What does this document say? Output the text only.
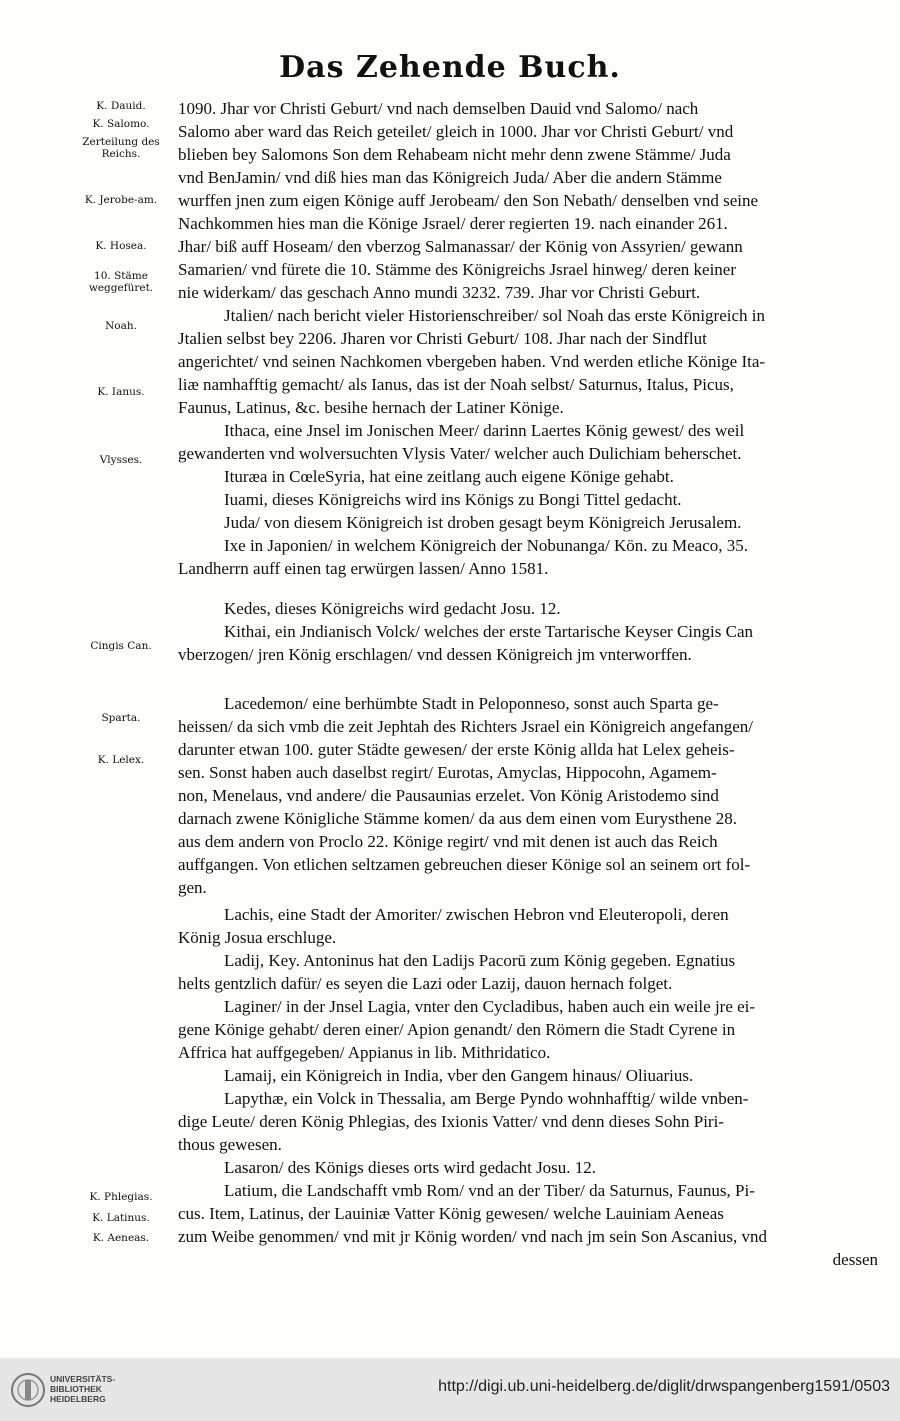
Das Zehende Buch.
K. Dauid.
K. Salomo.
Zerteilung des Reichs.
K. Jerobe-am.
K. Hosea.
10. Stäme weggefüret.
Noah.
K. Ianus.
Vlysses.
Cingis Can.
Sparta.
K. Lelex.
K. Phlegias.
K. Latinus.
K. Aeneas.
1090. Jhar vor Christi Geburt/ vnd nach demselben Dauid vnd Salomo/ nach
Salomo aber ward das Reich geteilet/ gleich in 1000. Jhar vor Christi Geburt/ vnd
blieben bey Salomons Son dem Rehabeam nicht mehr denn zwene Stämme/ Juda
vnd BenJamin/ vnd diß hies man das Königreich Juda/ Aber die andern Stämme
wurffen jnen zum eigen Könige auff Jerobeam/ den Son Nebath/ denselben vnd seine
Nachkommen hies man die Könige Jsrael/ derer regierten 19. nach einander 261.
Jhar/ biß auff Hoseam/ den vberzog Salmanassar/ der König von Assyrien/ gewann
Samarien/ vnd fürete die 10. Stämme des Königreichs Jsrael hinweg/ deren keiner
nie widerkam/ das geschach Anno mundi 3232. 739. Jhar vor Christi Geburt.
Jtalien/ nach bericht vieler Historienschreiber/ sol Noah das erste Königreich in
Jtalien selbst bey 2206. Jharen vor Christi Geburt/ 108. Jhar nach der Sindflut
angerichtet/ vnd seinen Nachkomen vbergeben haben. Vnd werden etliche Könige Ita-
liæ namhafftig gemacht/ als Ianus, das ist der Noah selbst/ Saturnus, Italus, Picus,
Faunus, Latinus, &c. besihe hernach der Latiner Könige.
Ithaca, eine Jnsel im Jonischen Meer/ darinn Laertes König gewest/ des weil
gewanderten vnd wolversuchten Vlysis Vater/ welcher auch Dulichiam beherschet.
Ituræa in CœleSyria, hat eine zeitlang auch eigene Könige gehabt.
Iuami, dieses Königreichs wird ins Königs zu Bongi Tittel gedacht.
Juda/ von diesem Königreich ist droben gesagt beym Königreich Jerusalem.
Ixe in Japonien/ in welchem Königreich der Nobunanga/ Kön. zu Meaco, 35.
Landherrn auff einen tag erwürgen lassen/ Anno 1581.
Kedes, dieses Königreichs wird gedacht Josu. 12.
Kithai, ein Jndianisch Volck/ welches der erste Tartarische Keyser Cingis Can
vberzogen/ jren König erschlagen/ vnd dessen Königreich jm vnterworffen.
Lacedemon/ eine berhümbte Stadt in Peloponneso, sonst auch Sparta ge-
heissen/ da sich vmb die zeit Jephtah des Richters Jsrael ein Königreich angefangen/
darunter etwan 100. guter Städte gewesen/ der erste König allda hat Lelex geheis-
sen. Sonst haben auch daselbst regirt/ Eurotas, Amyclas, Hippocohn, Agamem-
non, Menelaus, vnd andere/ die Pausaunias erzelet. Von König Aristodemo sind
darnach zwene Königliche Stämme komen/ da aus dem einen vom Eurysthene 28.
aus dem andern von Proclo 22. Könige regirt/ vnd mit denen ist auch das Reich
auffgangen. Von etlichen seltzamen gebreuchen dieser Könige sol an seinem ort fol-
gen.
Lachis, eine Stadt der Amoriter/ zwischen Hebron vnd Eleuteropoli, deren
König Josua erschluge.
Ladij, Key. Antoninus hat den Ladijs Pacorū zum König gegeben. Egnatius
helts gentzlich dafür/ es seyen die Lazi oder Lazij, dauon hernach folget.
Laginer/ in der Jnsel Lagia, vnter den Cycladibus, haben auch ein weile jre ei-
gene Könige gehabt/ deren einer/ Apion genandt/ den Römern die Stadt Cyrene in
Affrica hat auffgegeben/ Appianus in lib. Mithridatico.
Lamaij, ein Königreich in India, vber den Gangem hinaus/ Oliuarius.
Lapythæ, ein Volck in Thessalia, am Berge Pyndo wohnhafftig/ wilde vnben-
dige Leute/ deren König Phlegias, des Ixionis Vatter/ vnd denn dieses Sohn Piri-
thous gewesen.
Lasaron/ des Königs dieses orts wird gedacht Josu. 12.
Latium, die Landschafft vmb Rom/ vnd an der Tiber/ da Saturnus, Faunus, Pi-
cus. Item, Latinus, der Lauiniæ Vatter König gewesen/ welche Lauiniam Aeneas
zum Weibe genommen/ vnd mit jr König worden/ vnd nach jm sein Son Ascanius, vnd
dessen
UNIVERSITÄTS-
BIBLIOTHEK
HEIDELBERG
http://digi.ub.uni-heidelberg.de/diglit/drwspangenberg1591/0503
